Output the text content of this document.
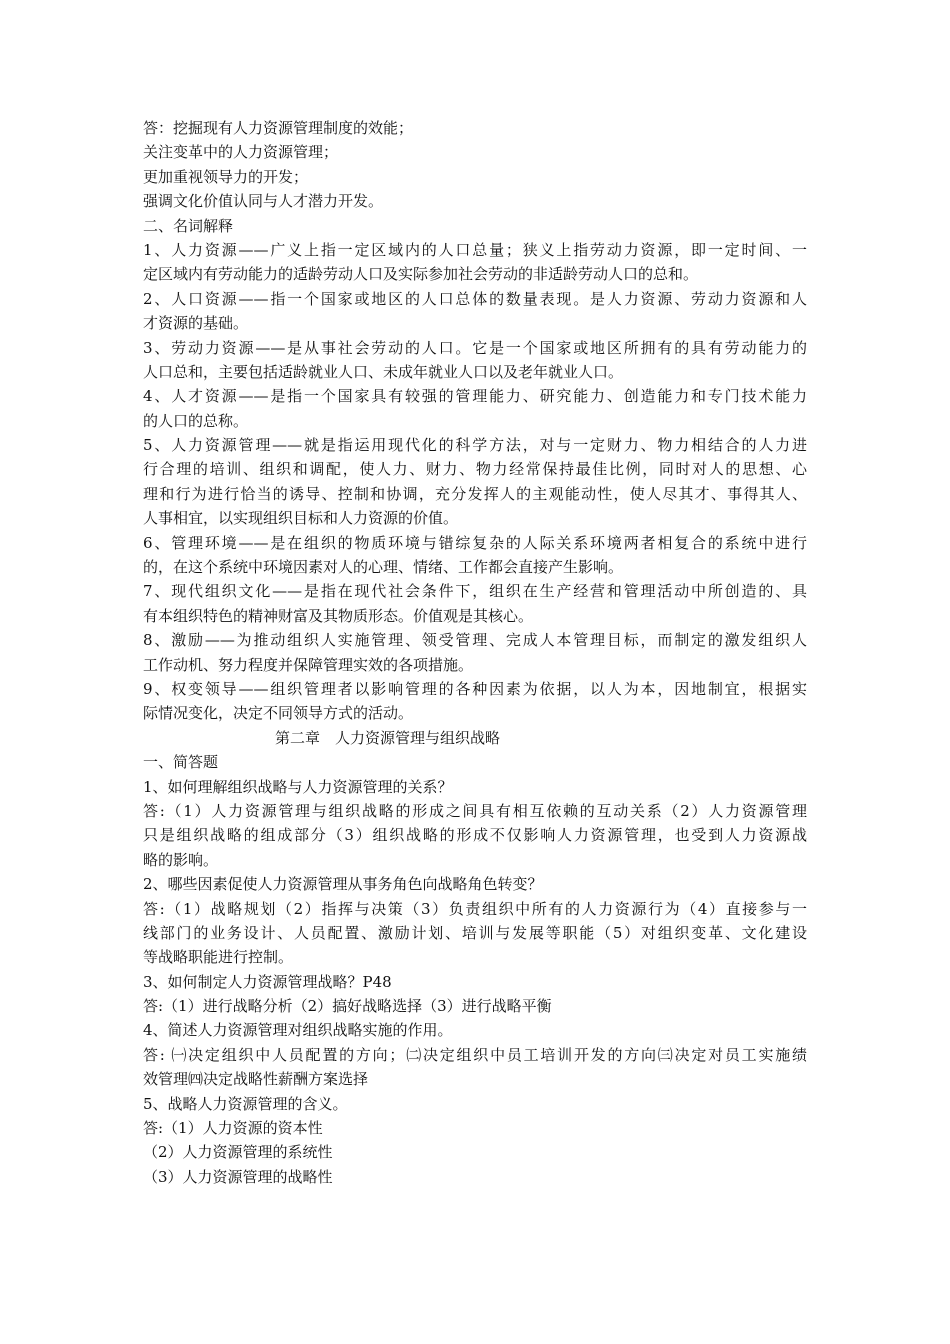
答：挖掘现有人力资源管理制度的效能；
关注变革中的人力资源管理；
更加重视领导力的开发；
强调文化价值认同与人才潜力开发。
二、名词解释
1、人力资源——广义上指一定区域内的人口总量；狭义上指劳动力资源，即一定时间、一
定区域内有劳动能力的适龄劳动人口及实际参加社会劳动的非适龄劳动人口的总和。
2、人口资源——指一个国家或地区的人口总体的数量表现。是人力资源、劳动力资源和人
才资源的基础。
3、劳动力资源——是从事社会劳动的人口。它是一个国家或地区所拥有的具有劳动能力的
人口总和，主要包括适龄就业人口、未成年就业人口以及老年就业人口。
4、人才资源——是指一个国家具有较强的管理能力、研究能力、创造能力和专门技术能力
的人口的总称。
5、人力资源管理——就是指运用现代化的科学方法，对与一定财力、物力相结合的人力进
行合理的培训、组织和调配，使人力、财力、物力经常保持最佳比例，同时对人的思想、心
理和行为进行恰当的诱导、控制和协调，充分发挥人的主观能动性，使人尽其才、事得其人、
人事相宜，以实现组织目标和人力资源的价值。
6、管理环境——是在组织的物质环境与错综复杂的人际关系环境两者相复合的系统中进行
的，在这个系统中环境因素对人的心理、情绪、工作都会直接产生影响。
7、现代组织文化——是指在现代社会条件下，组织在生产经营和管理活动中所创造的、具
有本组织特色的精神财富及其物质形态。价值观是其核心。
8、激励——为推动组织人实施管理、领受管理、完成人本管理目标，而制定的激发组织人
工作动机、努力程度并保障管理实效的各项措施。
9、权变领导——组织管理者以影响管理的各种因素为依据，以人为本，因地制宜，根据实
际情况变化，决定不同领导方式的活动。
第二章　人力资源管理与组织战略
一、简答题
1、如何理解组织战略与人力资源管理的关系？
答:（1）人力资源管理与组织战略的形成之间具有相互依赖的互动关系（2）人力资源管理
只是组织战略的组成部分（3）组织战略的形成不仅影响人力资源管理，也受到人力资源战
略的影响。
2、哪些因素促使人力资源管理从事务角色向战略角色转变？
答:（1）战略规划（2）指挥与决策（3）负责组织中所有的人力资源行为（4）直接参与一
线部门的业务设计、人员配置、激励计划、培训与发展等职能（5）对组织变革、文化建设
等战略职能进行控制。
3、如何制定人力资源管理战略？P48
答:（1）进行战略分析（2）搞好战略选择（3）进行战略平衡
4、简述人力资源管理对组织战略实施的作用。
答: ㈠决定组织中人员配置的方向；㈡决定组织中员工培训开发的方向㈢决定对员工实施绩
效管理㈣决定战略性薪酬方案选择
5、战略人力资源管理的含义。
答:（1）人力资源的资本性
（2）人力资源管理的系统性
（3）人力资源管理的战略性
